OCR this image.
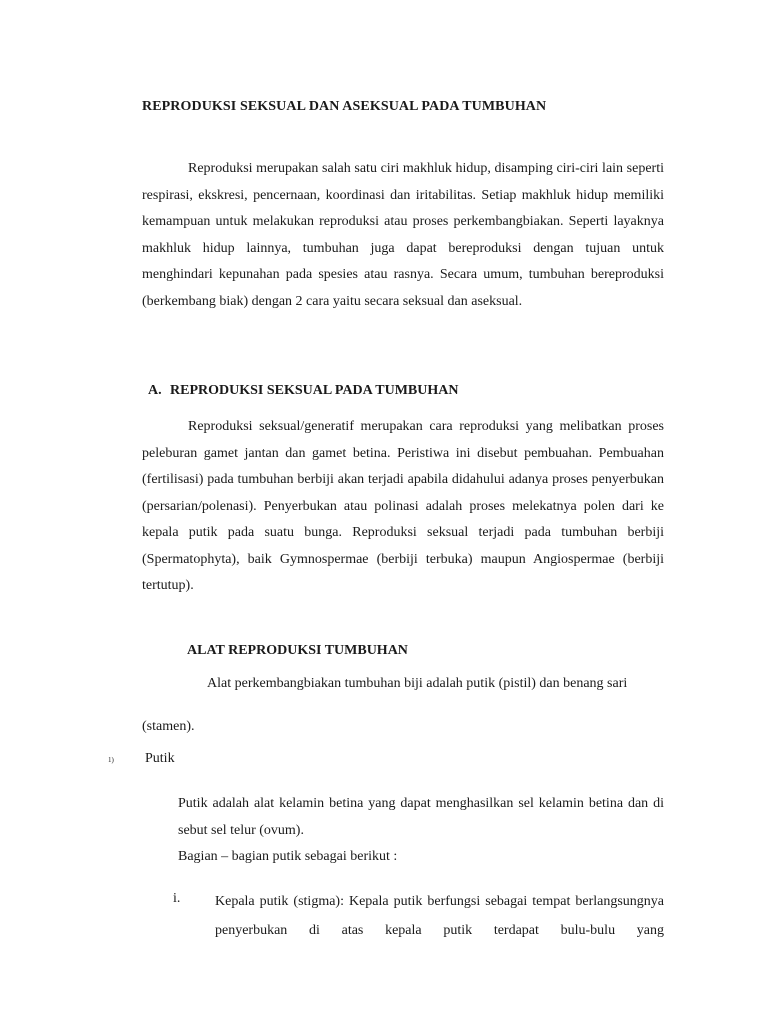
REPRODUKSI SEKSUAL DAN ASEKSUAL PADA TUMBUHAN

Reproduksi merupakan salah satu ciri makhluk hidup, disamping ciri-ciri lain seperti respirasi, ekskresi, pencernaan, koordinasi dan iritabilitas. Setiap makhluk hidup memiliki kemampuan untuk melakukan reproduksi atau proses perkembangbiakan. Seperti layaknya makhluk hidup lainnya, tumbuhan juga dapat bereproduksi dengan tujuan untuk menghindari kepunahan pada spesies atau rasnya. Secara umum, tumbuhan bereproduksi (berkembang biak) dengan 2 cara yaitu secara seksual dan aseksual.

A. REPRODUKSI SEKSUAL PADA TUMBUHAN

Reproduksi seksual/generatif merupakan cara reproduksi yang melibatkan proses peleburan gamet jantan dan gamet betina. Peristiwa ini disebut pembuahan. Pembuahan (fertilisasi) pada tumbuhan berbiji akan terjadi apabila didahului adanya proses penyerbukan (persarian/polenasi). Penyerbukan atau polinasi adalah proses melekatnya polen dari ke kepala putik pada suatu bunga. Reproduksi seksual terjadi pada tumbuhan berbiji (Spermatophyta), baik Gymnospermae (berbiji terbuka) maupun Angiospermae (berbiji tertutup).

ALAT REPRODUKSI TUMBUHAN
Alat perkembangbiakan tumbuhan biji adalah putik (pistil) dan benang sari
(stamen).
1) Putik

Putik adalah alat kelamin betina yang dapat menghasilkan sel kelamin betina dan di sebut sel telur (ovum).

Bagian – bagian putik sebagai berikut :
i. Kepala putik (stigma): Kepala putik berfungsi sebagai tempat berlangsungnya penyerbukan di atas kepala putik terdapat bulu-bulu yang
